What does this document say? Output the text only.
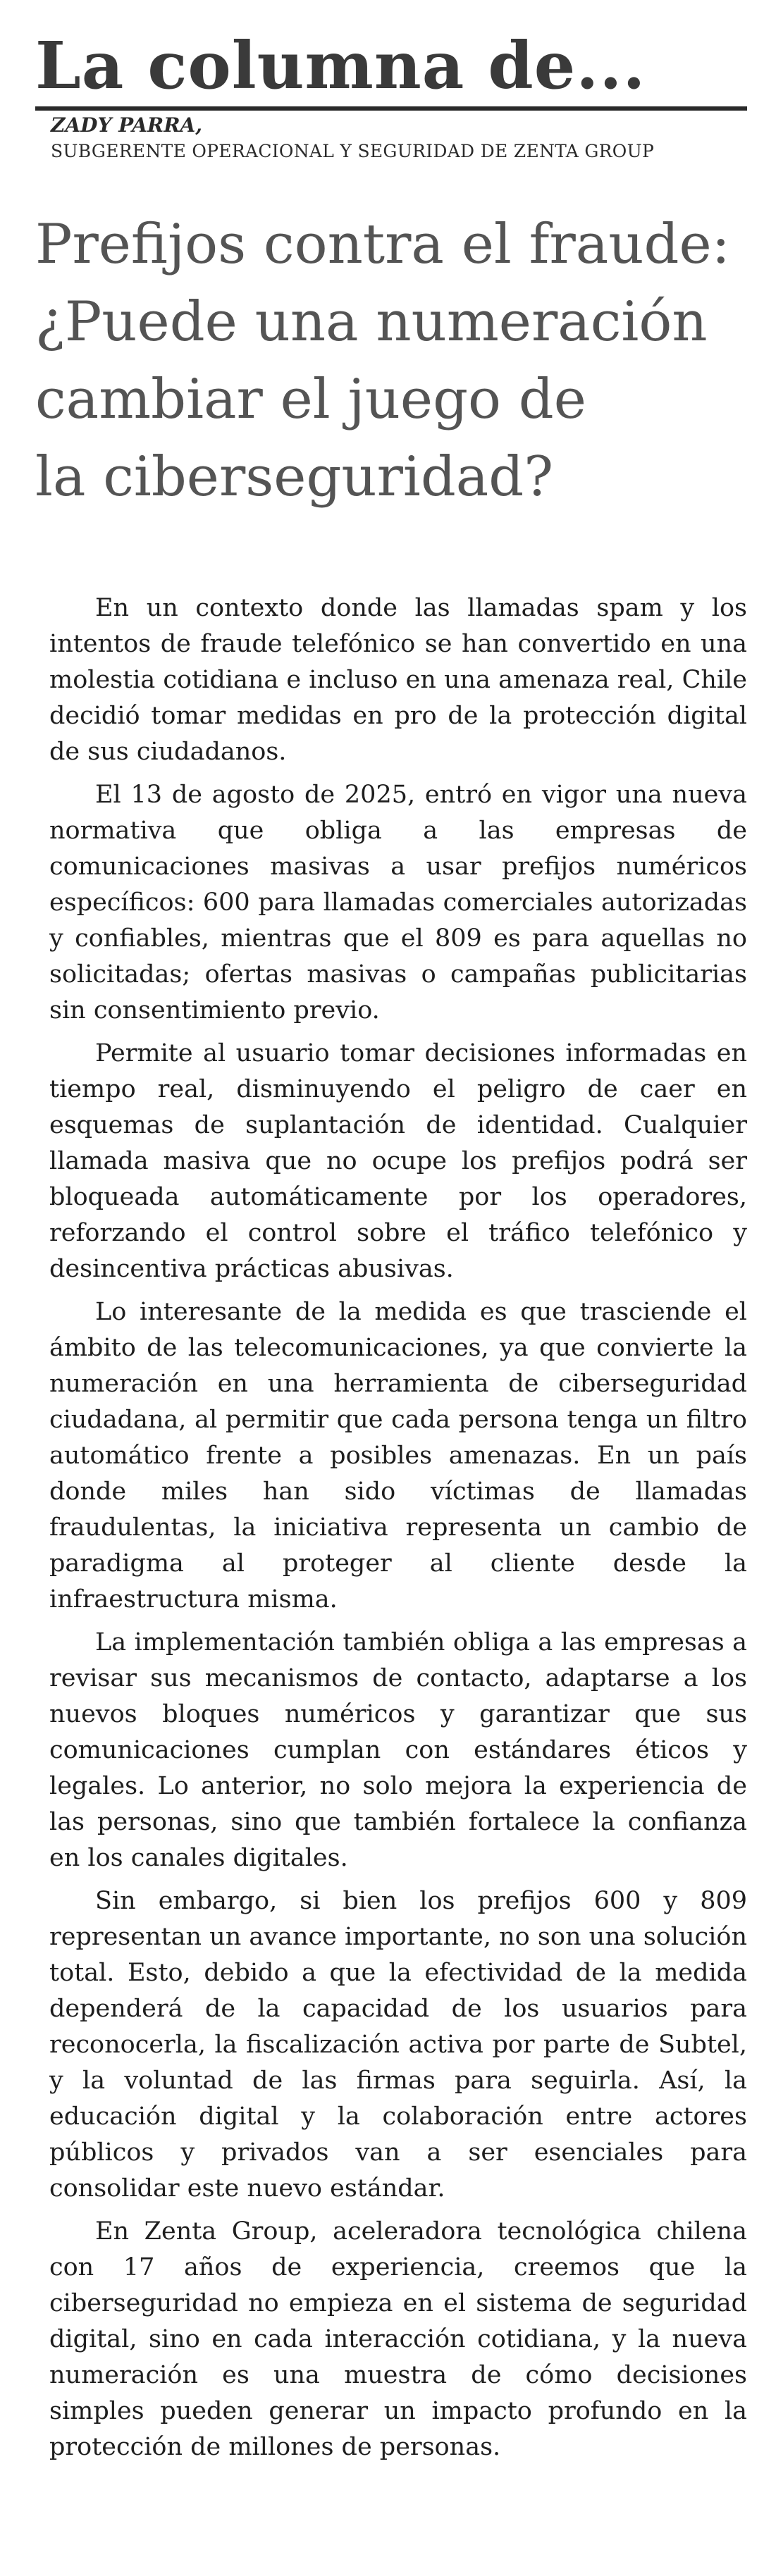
La columna de...
ZADY PARRA,
SUBGERENTE OPERACIONAL Y SEGURIDAD DE ZENTA GROUP
Prefijos contra el fraude:
¿Puede una numeración
cambiar el juego de
la ciberseguridad?

En un contexto donde las llamadas spam y los intentos de fraude telefónico se han convertido en una molestia cotidiana e incluso en una amenaza real, Chile decidió tomar medidas en pro de la protección digital de sus ciudadanos.

El 13 de agosto de 2025, entró en vigor una nueva normativa que obliga a las empresas de comunicaciones masivas a usar prefijos numéricos específicos: 600 para llamadas comerciales autorizadas y confiables, mientras que el 809 es para aquellas no solicitadas; ofertas masivas o campañas publicitarias sin consentimiento previo.

Permite al usuario tomar decisiones informadas en tiempo real, disminuyendo el peligro de caer en esquemas de suplantación de identidad. Cualquier llamada masiva que no ocupe los prefijos podrá ser bloqueada automáticamente por los operadores, reforzando el control sobre el tráfico telefónico y desincentiva prácticas abusivas.

Lo interesante de la medida es que trasciende el ámbito de las telecomunicaciones, ya que convierte la numeración en una herramienta de ciberseguridad ciudadana, al permitir que cada persona tenga un filtro automático frente a posibles amenazas. En un país donde miles han sido víctimas de llamadas fraudulentas, la iniciativa representa un cambio de paradigma al proteger al cliente desde la infraestructura misma.

La implementación también obliga a las empresas a revisar sus mecanismos de contacto, adaptarse a los nuevos bloques numéricos y garantizar que sus comunicaciones cumplan con estándares éticos y legales. Lo anterior, no solo mejora la experiencia de las personas, sino que también fortalece la confianza en los canales digitales.

Sin embargo, si bien los prefijos 600 y 809 representan un avance importante, no son una solución total. Esto, debido a que la efectividad de la medida dependerá de la capacidad de los usuarios para reconocerla, la fiscalización activa por parte de Subtel, y la voluntad de las firmas para seguirla. Así, la educación digital y la colaboración entre actores públicos y privados van a ser esenciales para consolidar este nuevo estándar.

En Zenta Group, aceleradora tecnológica chilena con 17 años de experiencia, creemos que la ciberseguridad no empieza en el sistema de seguridad digital, sino en cada interacción cotidiana, y la nueva numeración es una muestra de cómo decisiones simples pueden generar un impacto profundo en la protección de millones de personas.
